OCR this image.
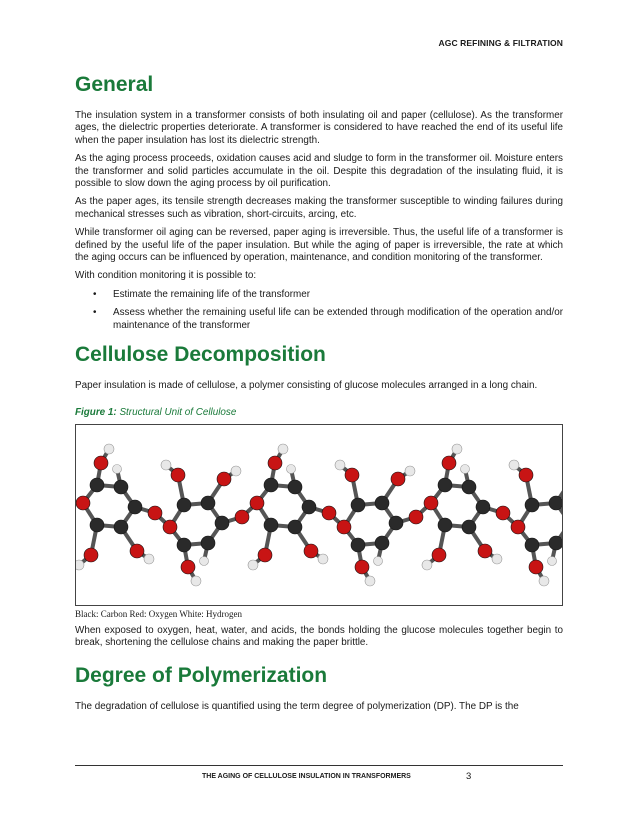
AGC REFINING & FILTRATION
General

The insulation system in a transformer consists of both insulating oil and paper (cellulose). As the transformer ages, the dielectric properties deteriorate. A transformer is considered to have reached the end of its useful life when the paper insulation has lost its dielectric strength.

As the aging process proceeds, oxidation causes acid and sludge to form in the transformer oil. Moisture enters the transformer and solid particles accumulate in the oil. Despite this degradation of the insulating fluid, it is possible to slow down the aging process by oil purification.

As the paper ages, its tensile strength decreases making the transformer susceptible to winding failures during mechanical stresses such as vibration, short-circuits, arcing, etc.

While transformer oil aging can be reversed, paper aging is irreversible. Thus, the useful life of a transformer is defined by the useful life of the paper insulation. But while the aging of paper is irreversible, the rate at which the aging occurs can be influenced by operation, maintenance, and condition monitoring of the transformer.

With condition monitoring it is possible to:

• Estimate the remaining life of the transformer
• Assess whether the remaining useful life can be extended through modification of the operation and/or maintenance of the transformer
Cellulose Decomposition

Paper insulation is made of cellulose, a polymer consisting of glucose molecules arranged in a long chain.

Figure 1: Structural Unit of Cellulose
Black: Carbon Red: Oxygen White: Hydrogen

When exposed to oxygen, heat, water, and acids, the bonds holding the glucose molecules together begin to break, shortening the cellulose chains and making the paper brittle.

Degree of Polymerization

The degradation of cellulose is quantified using the term degree of polymerization (DP). The DP is the

THE AGING OF CELLULOSE INSULATION IN TRANSFORMERS	3
